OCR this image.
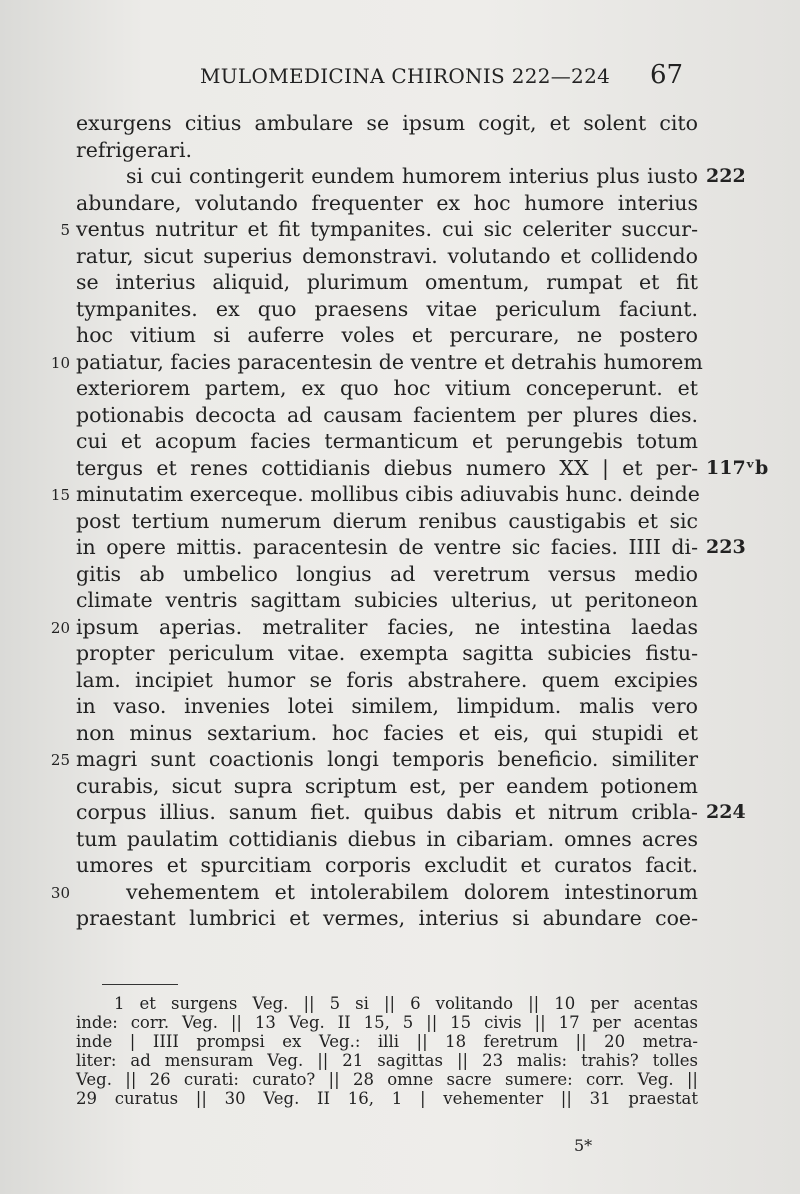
MULOMEDICINA CHIRONIS 222—224 67
exurgens citius ambulare se ipsum cogit, et solent cito
refrigerari.
si cui contingerit eundem humorem interius plus iusto 222
abundare, volutando frequenter ex hoc humore interius
5 ventus nutritur et fit tympanites. cui sic celeriter succur-
ratur, sicut superius demonstravi. volutando et collidendo
se interius aliquid, plurimum omentum, rumpat et fit
tympanites. ex quo praesens vitae periculum faciunt.
hoc vitium si auferre voles et percurare, ne postero
10 patiatur, facies paracentesin de ventre et detrahis humorem
exteriorem partem, ex quo hoc vitium conceperunt. et
potionabis decocta ad causam facientem per plures dies.
cui et acopum facies termanticum et perungebis totum
tergus et renes cottidianis diebus numero XX | et per- 117ᵛb
15 minutatim exerceque. mollibus cibis adiuvabis hunc. deinde
post tertium numerum dierum renibus caustigabis et sic
in opere mittis. paracentesin de ventre sic facies. IIII di- 223
gitis ab umbelico longius ad veretrum versus medio
climate ventris sagittam subicies ulterius, ut peritoneon
20 ipsum aperias. metraliter facies, ne intestina laedas
propter periculum vitae. exempta sagitta subicies fistu-
lam. incipiet humor se foris abstrahere. quem excipies
in vaso. invenies lotei similem, limpidum. malis vero
non minus sextarium. hoc facies et eis, qui stupidi et
25 magri sunt coactionis longi temporis beneficio. similiter
curabis, sicut supra scriptum est, per eandem potionem
corpus illius. sanum fiet. quibus dabis et nitrum cribla- 224
tum paulatim cottidianis diebus in cibariam. omnes acres
umores et spurcitiam corporis excludit et curatos facit.
30	vehementem et intolerabilem dolorem intestinorum
praestant lumbrici et vermes, interius si abundare coe-
1 et surgens Veg. || 5 si || 6 volitando || 10 per acentas
inde: corr. Veg. || 13 Veg. II 15, 5 || 15 civis || 17 per acentas
inde | IIII prompsi ex Veg.: illi || 18 feretrum || 20 metra-
liter: ad mensuram Veg. || 21 sagittas || 23 malis: trahis? tolles
Veg. || 26 curati: curato? || 28 omne sacre sumere: corr. Veg. ||
29 curatus || 30 Veg. II 16, 1 | vehementer || 31 praestat
5*
